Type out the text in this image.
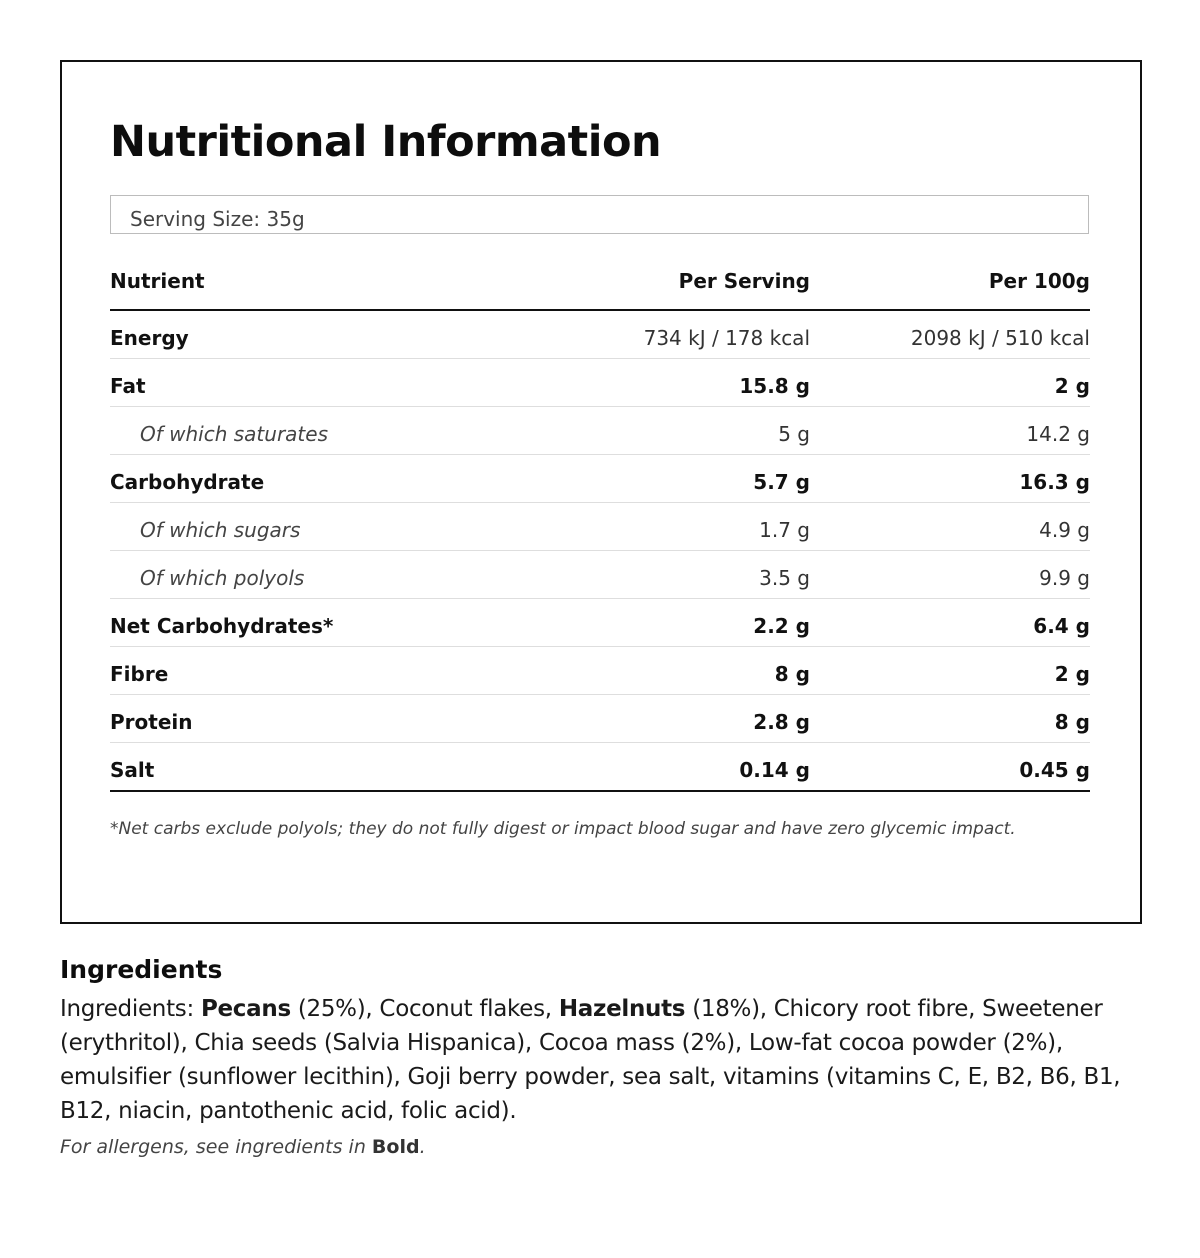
Nutritional Information
Serving Size: 35g
Nutrient	Per Serving	Per 100g
Energy	734 kJ / 178 kcal	2098 kJ / 510 kcal
Fat	15.8 g	2 g
Of which saturates	5 g	14.2 g
Carbohydrate	5.7 g	16.3 g
Of which sugars	1.7 g	4.9 g
Of which polyols	3.5 g	9.9 g
Net Carbohydrates*	2.2 g	6.4 g
Fibre	8 g	2 g
Protein	2.8 g	8 g
Salt	0.14 g	0.45 g

*Net carbs exclude polyols; they do not fully digest or impact blood sugar and have zero glycemic impact.

Ingredients

Ingredients: Pecans (25%), Coconut flakes, Hazelnuts (18%), Chicory root fibre, Sweetener (erythritol), Chia seeds (Salvia Hispanica), Cocoa mass (2%), Low-fat cocoa powder (2%), emulsifier (sunflower lecithin), Goji berry powder, sea salt, vitamins (vitamins C, E, B2, B6, B1, B12, niacin, pantothenic acid, folic acid).

For allergens, see ingredients in Bold.
